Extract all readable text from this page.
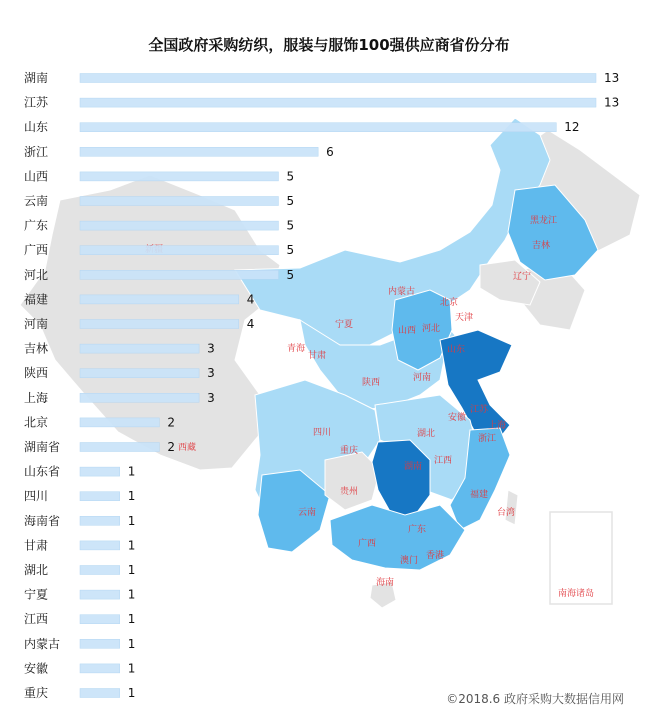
全国政府采购纺织，服装与服饰100强供应商省份分布
黑龙江
吉林
辽宁
内蒙古
北京
天津
河北
山西
山东
宁夏
甘肃
青海
西藏
陕西	河南
安徽
江苏
上海
湖北
四川
重庆
浙江
湖南
江西
贵州
云南
福建
台湾
广西
广东
澳门 香港
海南
南海诸岛
湖南	13
江苏	13
山东	12
浙江	6
山西	5
云南	5
广东	5
广西	5
河北	5
福建	4
河南	4
吉林	3
陕西	3
上海	3
北京	2
湖南省	2
山东省	1
四川	1
海南省	1
甘肃	1
湖北	1
宁夏	1
江西	1
内蒙古	1
安徽	1
重庆	1	©2018.6 政府采购大数据信用网
